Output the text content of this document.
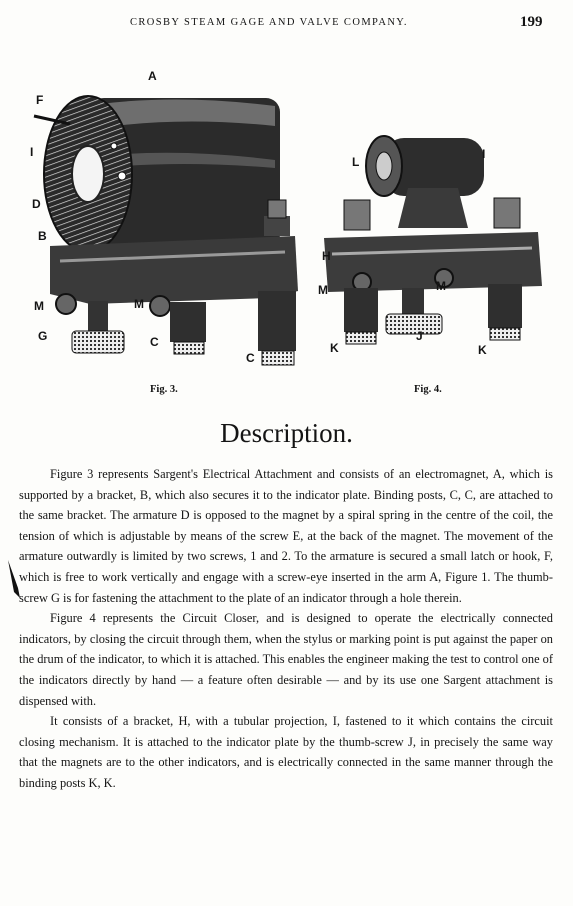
CROSBY STEAM GAGE AND VALVE COMPANY.	199
A
F
I
D
B
M	M
G	C
C
L
I
H
M	M
J
K	K
Fig. 3.	Fig. 4.
Description.

Figure 3 represents Sargent's Electrical Attachment and consists of an electromagnet, A, which is supported by a bracket, B, which also secures it to the indicator plate. Binding posts, C, C, are attached to the same bracket. The armature D is opposed to the magnet by a spiral spring in the centre of the coil, the tension of which is adjustable by means of the screw E, at the back of the magnet. The movement of the armature outwardly is limited by two screws, 1 and 2. To the armature is secured a small latch or hook, F, which is free to work vertically and engage with a screw-eye inserted in the arm A, Figure 1. The thumb-screw G is for fastening the attachment to the plate of an indicator through a hole therein.

Figure 4 represents the Circuit Closer, and is designed to operate the electrically connected indicators, by closing the circuit through them, when the stylus or marking point is put against the paper on the drum of the indicator, to which it is attached. This enables the engineer making the test to control one of the indicators directly by hand — a feature often desirable — and by its use one Sargent attachment is dispensed with.

It consists of a bracket, H, with a tubular projection, I, fastened to it which contains the circuit closing mechanism. It is attached to the indicator plate by the thumb-screw J, in precisely the same way that the magnets are to the other indicators, and is electrically connected in the same manner through the binding posts K, K.
